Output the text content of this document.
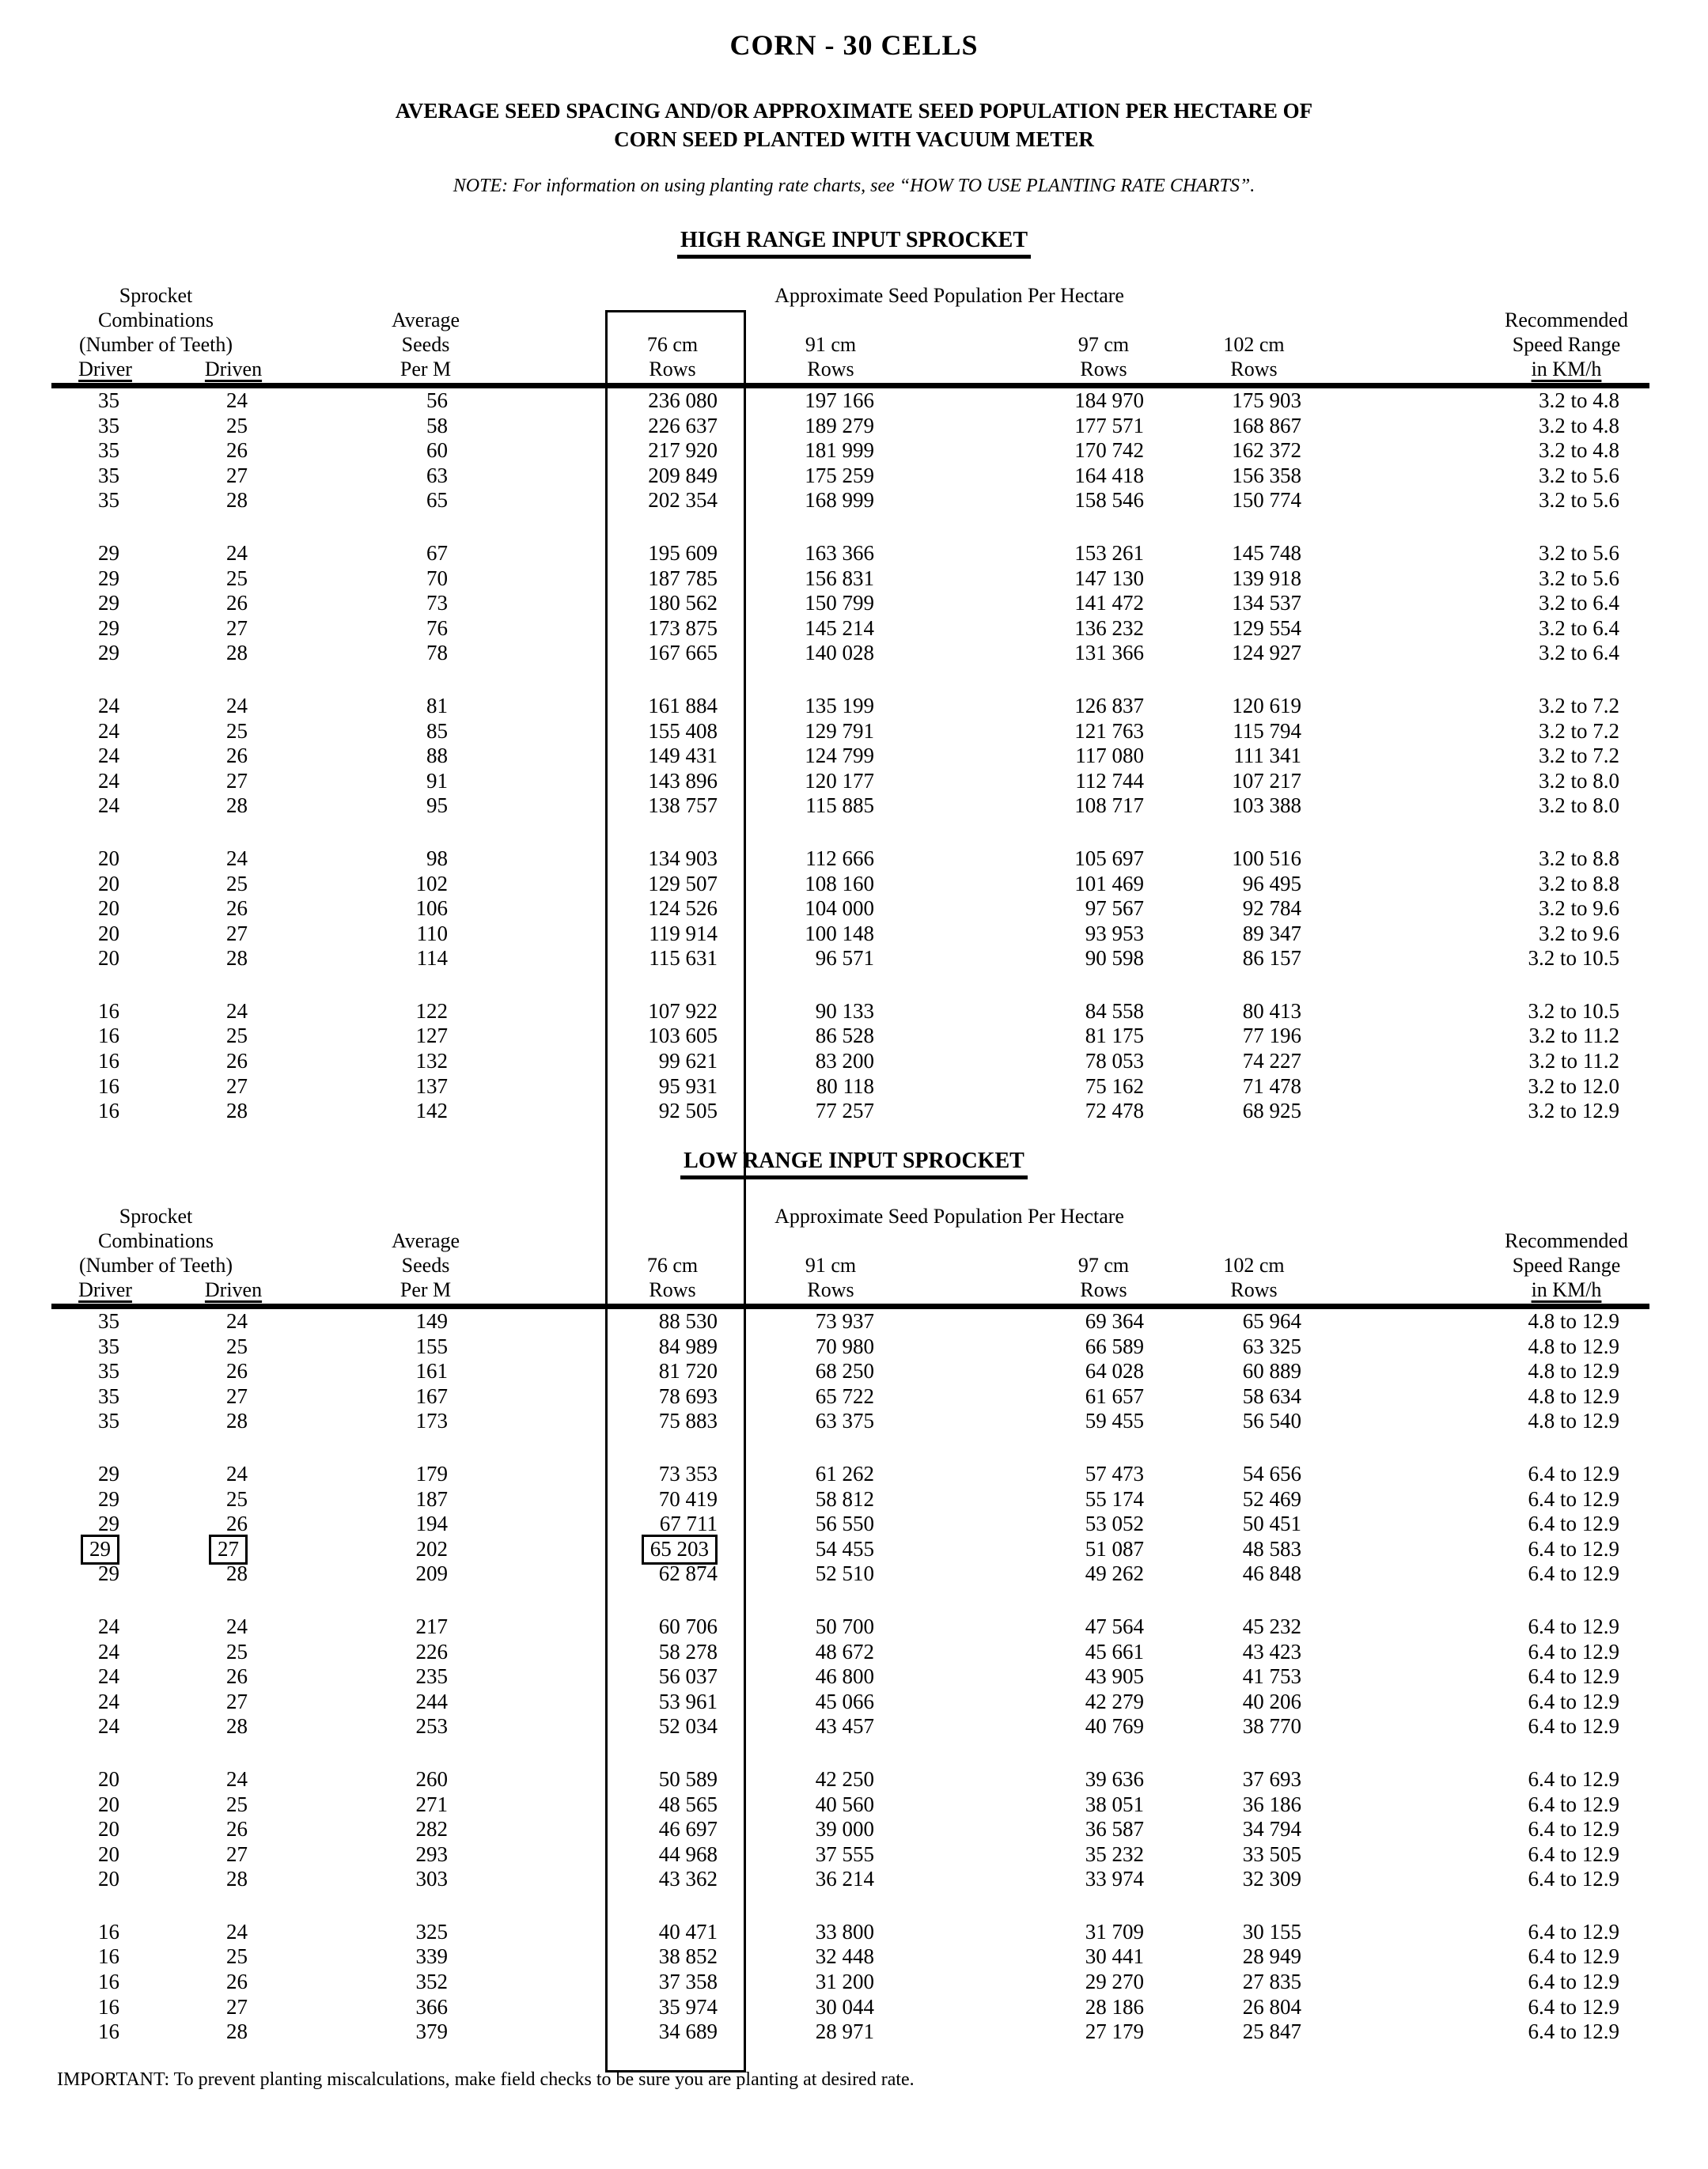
CORN - 30 CELLS
AVERAGE SEED SPACING AND/OR APPROXIMATE SEED POPULATION PER HECTARE OF
CORN SEED PLANTED WITH VACUUM METER
NOTE: For information on using planting rate charts, see “HOW TO USE PLANTING RATE CHARTS”.
HIGH RANGE INPUT SPROCKET
Sprocket	Approximate Seed Population Per Hectare
Combinations	Average	Recommended
(Number of Teeth)	Seeds	76 cm	91 cm	97 cm	102 cm	Speed Range
Driver	Driven	Per M	Rows	Rows	Rows	Rows	in KM/h
35	24	56	236 080	197 166	184 970	175 903	3.2 to 4.8
35	25	58	226 637	189 279	177 571	168 867	3.2 to 4.8
35	26	60	217 920	181 999	170 742	162 372	3.2 to 4.8
35	27	63	209 849	175 259	164 418	156 358	3.2 to 5.6
35	28	65	202 354	168 999	158 546	150 774	3.2 to 5.6
29	24	67	195 609	163 366	153 261	145 748	3.2 to 5.6
29	25	70	187 785	156 831	147 130	139 918	3.2 to 5.6
29	26	73	180 562	150 799	141 472	134 537	3.2 to 6.4
29	27	76	173 875	145 214	136 232	129 554	3.2 to 6.4
29	28	78	167 665	140 028	131 366	124 927	3.2 to 6.4
24	24	81	161 884	135 199	126 837	120 619	3.2 to 7.2
24	25	85	155 408	129 791	121 763	115 794	3.2 to 7.2
24	26	88	149 431	124 799	117 080	111 341	3.2 to 7.2
24	27	91	143 896	120 177	112 744	107 217	3.2 to 8.0
24	28	95	138 757	115 885	108 717	103 388	3.2 to 8.0
20	24	98	134 903	112 666	105 697	100 516	3.2 to 8.8
20	25	102	129 507	108 160	101 469	96 495	3.2 to 8.8
20	26	106	124 526	104 000	97 567	92 784	3.2 to 9.6
20	27	110	119 914	100 148	93 953	89 347	3.2 to 9.6
20	28	114	115 631	96 571	90 598	86 157	3.2 to 10.5
16	24	122	107 922	90 133	84 558	80 413	3.2 to 10.5
16	25	127	103 605	86 528	81 175	77 196	3.2 to 11.2
16	26	132	99 621	83 200	78 053	74 227	3.2 to 11.2
16	27	137	95 931	80 118	75 162	71 478	3.2 to 12.0
16	28	142	92 505	77 257	72 478	68 925	3.2 to 12.9
LOW RANGE INPUT SPROCKET
Sprocket	Approximate Seed Population Per Hectare
Combinations	Average	Recommended
(Number of Teeth)	Seeds	76 cm	91 cm	97 cm	102 cm	Speed Range
Driver	Driven	Per M	Rows	Rows	Rows	Rows	in KM/h
35	24	149	88 530	73 937	69 364	65 964	4.8 to 12.9
35	25	155	84 989	70 980	66 589	63 325	4.8 to 12.9
35	26	161	81 720	68 250	64 028	60 889	4.8 to 12.9
35	27	167	78 693	65 722	61 657	58 634	4.8 to 12.9
35	28	173	75 883	63 375	59 455	56 540	4.8 to 12.9
29	24	179	73 353	61 262	57 473	54 656	6.4 to 12.9
29	25	187	70 419	58 812	55 174	52 469	6.4 to 12.9
29	26	194	67 711	56 550	53 052	50 451	6.4 to 12.9
29	27	202	65 203	54 455	51 087	48 583	6.4 to 12.9
29	28	209	62 874	52 510	49 262	46 848	6.4 to 12.9
24	24	217	60 706	50 700	47 564	45 232	6.4 to 12.9
24	25	226	58 278	48 672	45 661	43 423	6.4 to 12.9
24	26	235	56 037	46 800	43 905	41 753	6.4 to 12.9
24	27	244	53 961	45 066	42 279	40 206	6.4 to 12.9
24	28	253	52 034	43 457	40 769	38 770	6.4 to 12.9
20	24	260	50 589	42 250	39 636	37 693	6.4 to 12.9
20	25	271	48 565	40 560	38 051	36 186	6.4 to 12.9
20	26	282	46 697	39 000	36 587	34 794	6.4 to 12.9
20	27	293	44 968	37 555	35 232	33 505	6.4 to 12.9
20	28	303	43 362	36 214	33 974	32 309	6.4 to 12.9
16	24	325	40 471	33 800	31 709	30 155	6.4 to 12.9
16	25	339	38 852	32 448	30 441	28 949	6.4 to 12.9
16	26	352	37 358	31 200	29 270	27 835	6.4 to 12.9
16	27	366	35 974	30 044	28 186	26 804	6.4 to 12.9
16	28	379	34 689	28 971	27 179	25 847	6.4 to 12.9
IMPORTANT: To prevent planting miscalculations, make field checks to be sure you are planting at desired rate.
